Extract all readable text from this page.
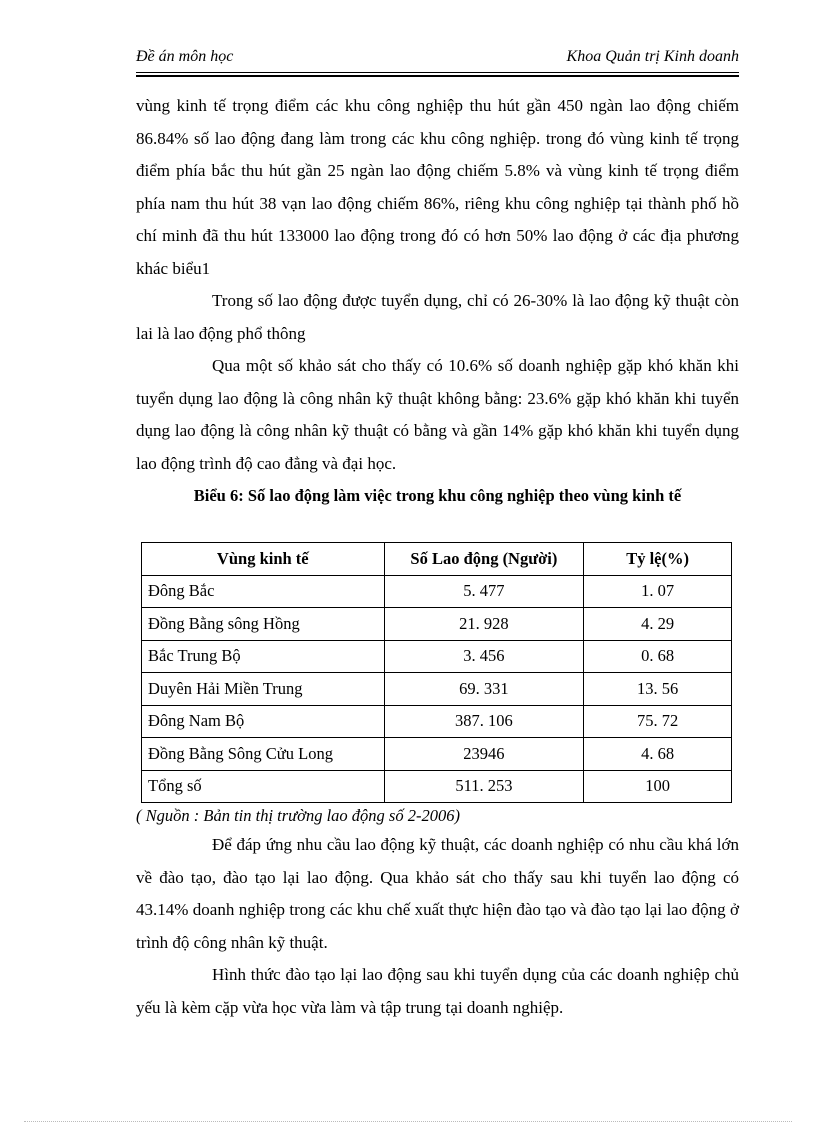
Đề án môn học	Khoa Quản trị Kinh doanh

vùng kinh tế trọng điểm các khu công nghiệp thu hút gần 450 ngàn lao động chiếm 86.84% số lao động đang làm trong các khu công nghiệp. trong đó vùng kinh tế trọng điểm phía bắc thu hút gần 25 ngàn lao động chiếm 5.8% và vùng kinh tế trọng điểm phía nam thu hút 38 vạn lao động chiếm 86%, riêng khu công nghiệp tại thành phố hồ chí minh đã thu hút 133000 lao động trong đó có hơn 50% lao động ở các địa phương khác biểu1

Trong số lao động được tuyển dụng, chỉ có 26-30% là lao động kỹ thuật còn lai là lao động phổ thông

Qua một số khảo sát cho thấy có 10.6% số doanh nghiệp gặp khó khăn khi tuyển dụng lao động là công nhân kỹ thuật không bằng: 23.6% gặp khó khăn khi tuyển dụng lao động là công nhân kỹ thuật có bằng và gần 14% gặp khó khăn khi tuyển dụng lao động trình độ cao đẳng và đại học.

Biểu 6: Số lao động làm việc trong khu công nghiệp theo vùng kinh tế
Vùng kinh tế	Số Lao động (Người)	Tỷ lệ(%)
Đông Bắc	5. 477	1. 07
Đồng Bằng sông Hồng	21. 928	4. 29
Bắc Trung Bộ	3. 456	0. 68
Duyên Hải Miền Trung	69. 331	13. 56
Đông Nam Bộ	387. 106	75. 72
Đồng Bằng Sông Cửu Long	23946	4. 68
Tổng số	511. 253	100

( Nguồn : Bản tin thị trường lao động số 2-2006)

Để đáp ứng nhu cầu lao động kỹ thuật, các doanh nghiệp có nhu cầu khá lớn về đào tạo, đào tạo lại lao động. Qua khảo sát cho thấy sau khi tuyển lao động có 43.14% doanh nghiệp trong các khu chế xuất thực hiện đào tạo và đào tạo lại lao động ở trình độ công nhân kỹ thuật.

Hình thức đào tạo lại lao động sau khi tuyển dụng của các doanh nghiệp chủ yếu là kèm cặp vừa học vừa làm và tập trung tại doanh nghiệp.
